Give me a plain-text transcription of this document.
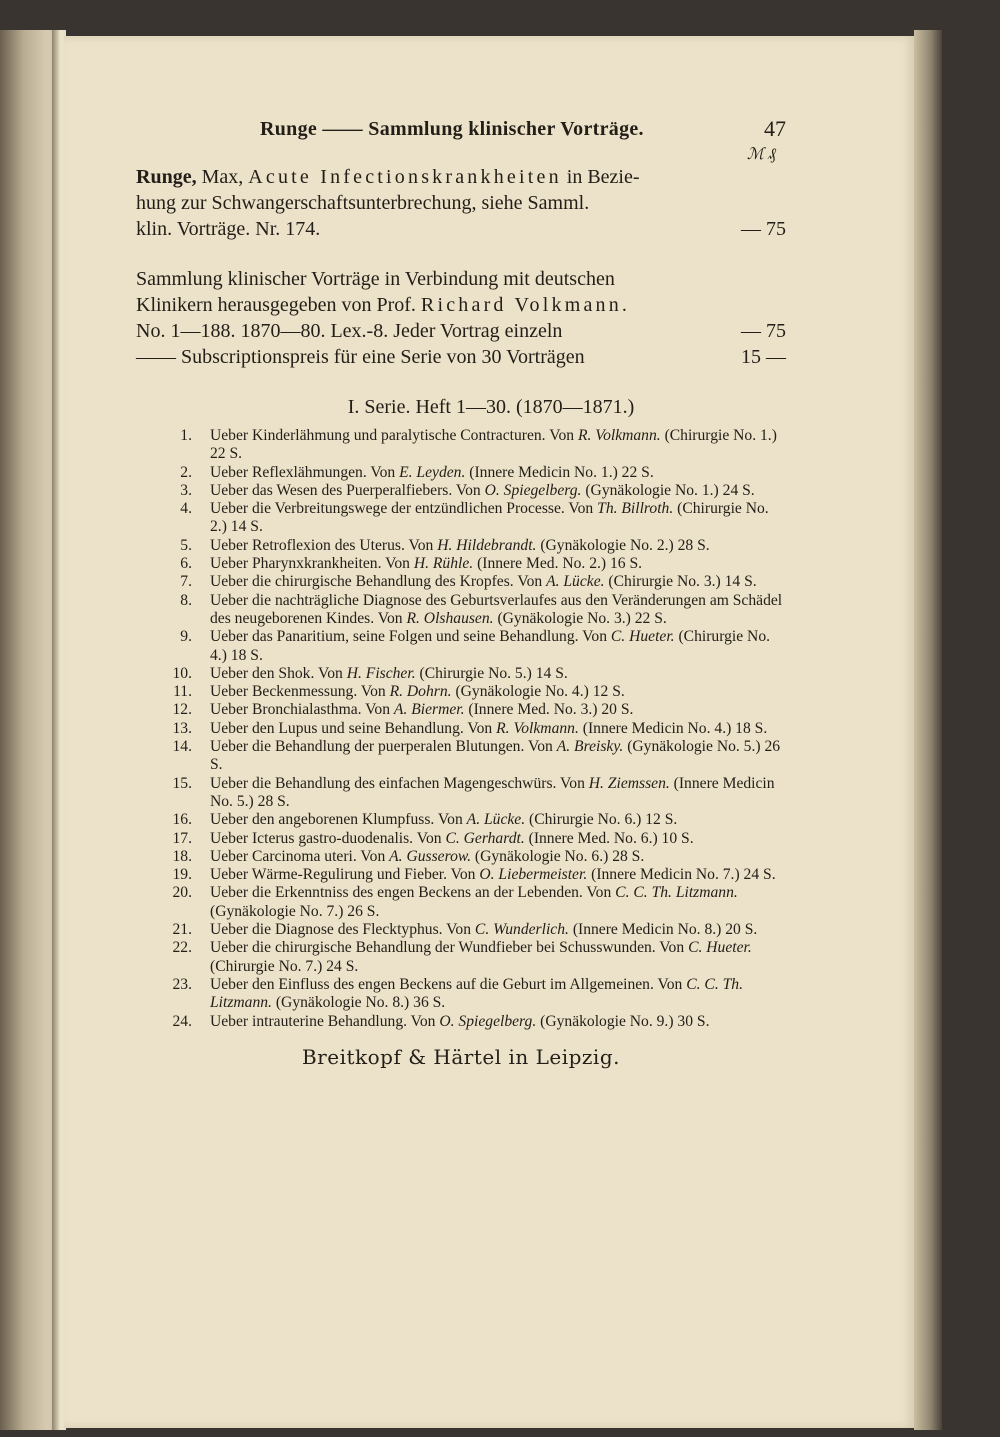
Runge —— Sammlung klinischer Vorträge.	47
ℳ ₰
Runge, Max, Acute Infectionskrankheiten in Bezie-
hung zur Schwangerschaftsunterbrechung, siehe Samml.
klin. Vorträge. Nr. 174.	— 75
Sammlung klinischer Vorträge in Verbindung mit deutschen
Klinikern herausgegeben von Prof. Richard Volkmann.
No. 1—188. 1870—80. Lex.-8. Jeder Vortrag einzeln	— 75
—— Subscriptionspreis für eine Serie von 30 Vorträgen	15 —
I. Serie. Heft 1—30. (1870—1871.)
1. Ueber Kinderlähmung und paralytische Contracturen. Von R. Volkmann. (Chirurgie No. 1.) 22 S.
2. Ueber Reflexlähmungen. Von E. Leyden. (Innere Medicin No. 1.) 22 S.
3. Ueber das Wesen des Puerperalfiebers. Von O. Spiegelberg. (Gynäkologie No. 1.) 24 S.
4. Ueber die Verbreitungswege der entzündlichen Processe. Von Th. Billroth. (Chirurgie No. 2.) 14 S.
5. Ueber Retroflexion des Uterus. Von H. Hildebrandt. (Gynäkologie No. 2.) 28 S.
6. Ueber Pharynxkrankheiten. Von H. Rühle. (Innere Med. No. 2.) 16 S.
7. Ueber die chirurgische Behandlung des Kropfes. Von A. Lücke. (Chirurgie No. 3.) 14 S.
8. Ueber die nachträgliche Diagnose des Geburtsverlaufes aus den Veränderungen am Schädel des neugeborenen Kindes. Von R. Olshausen. (Gynäkologie No. 3.) 22 S.
9. Ueber das Panaritium, seine Folgen und seine Behandlung. Von C. Hueter. (Chirurgie No. 4.) 18 S.
10. Ueber den Shok. Von H. Fischer. (Chirurgie No. 5.) 14 S.
11. Ueber Beckenmessung. Von R. Dohrn. (Gynäkologie No. 4.) 12 S.
12. Ueber Bronchialasthma. Von A. Biermer. (Innere Med. No. 3.) 20 S.
13. Ueber den Lupus und seine Behandlung. Von R. Volkmann. (Innere Medicin No. 4.) 18 S.
14. Ueber die Behandlung der puerperalen Blutungen. Von A. Breisky. (Gynäkologie No. 5.) 26 S.
15. Ueber die Behandlung des einfachen Magengeschwürs. Von H. Ziemssen. (Innere Medicin No. 5.) 28 S.
16. Ueber den angeborenen Klumpfuss. Von A. Lücke. (Chirurgie No. 6.) 12 S.
17. Ueber Icterus gastro-duodenalis. Von C. Gerhardt. (Innere Med. No. 6.) 10 S.
18. Ueber Carcinoma uteri. Von A. Gusserow. (Gynäkologie No. 6.) 28 S.
19. Ueber Wärme-Regulirung und Fieber. Von O. Liebermeister. (Innere Medicin No. 7.) 24 S.
20. Ueber die Erkenntniss des engen Beckens an der Lebenden. Von C. C. Th. Litzmann. (Gynäkologie No. 7.) 26 S.
21. Ueber die Diagnose des Flecktyphus. Von C. Wunderlich. (Innere Medicin No. 8.) 20 S.
22. Ueber die chirurgische Behandlung der Wundfieber bei Schusswunden. Von C. Hueter. (Chirurgie No. 7.) 24 S.
23. Ueber den Einfluss des engen Beckens auf die Geburt im Allgemeinen. Von C. C. Th. Litzmann. (Gynäkologie No. 8.) 36 S.
24. Ueber intrauterine Behandlung. Von O. Spiegelberg. (Gynäkologie No. 9.) 30 S.
Breitkopf & Härtel in Leipzig.
